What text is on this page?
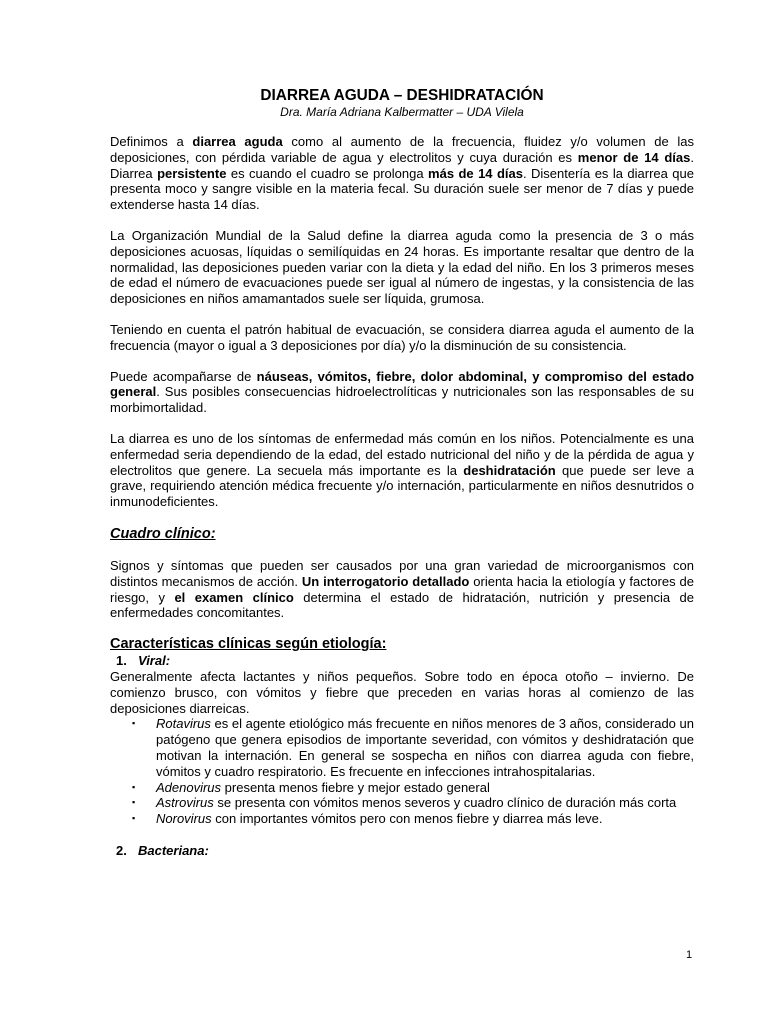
DIARREA AGUDA – DESHIDRATACIÓN
Dra. María Adriana Kalbermatter – UDA Vilela

Definimos a diarrea aguda como al aumento de la frecuencia, fluidez y/o volumen de las deposiciones, con pérdida variable de agua y electrolitos y cuya duración es menor de 14 días. Diarrea persistente es cuando el cuadro se prolonga más de 14 días. Disentería es la diarrea que presenta moco y sangre visible en la materia fecal. Su duración suele ser menor de 7 días y puede extenderse hasta 14 días.

La Organización Mundial de la Salud define la diarrea aguda como la presencia de 3 o más deposiciones acuosas, líquidas o semilíquidas en 24 horas. Es importante resaltar que dentro de la normalidad, las deposiciones pueden variar con la dieta y la edad del niño. En los 3 primeros meses de edad el número de evacuaciones puede ser igual al número de ingestas, y la consistencia de las deposiciones en niños amamantados suele ser líquida, grumosa.

Teniendo en cuenta el patrón habitual de evacuación, se considera diarrea aguda el aumento de la frecuencia (mayor o igual a 3 deposiciones por día) y/o la disminución de su consistencia.

Puede acompañarse de náuseas, vómitos, fiebre, dolor abdominal, y compromiso del estado general. Sus posibles consecuencias hidroelectrolíticas y nutricionales son las responsables de su morbimortalidad.

La diarrea es uno de los síntomas de enfermedad más común en los niños. Potencialmente es una enfermedad seria dependiendo de la edad, del estado nutricional del niño y de la pérdida de agua y electrolitos que genere. La secuela más importante es la deshidratación que puede ser leve a grave, requiriendo atención médica frecuente y/o internación, particularmente en niños desnutridos o inmunodeficientes.

Cuadro clínico:

Signos y síntomas que pueden ser causados por una gran variedad de microorganismos con distintos mecanismos de acción. Un interrogatorio detallado orienta hacia la etiología y factores de riesgo, y el examen clínico determina el estado de hidratación, nutrición y presencia de enfermedades concomitantes.

Características clínicas según etiología:
1. Viral:

Generalmente afecta lactantes y niños pequeños. Sobre todo en época otoño – invierno. De comienzo brusco, con vómitos y fiebre que preceden en varias horas al comienzo de las deposiciones diarreicas.

▪ Rotavirus es el agente etiológico más frecuente en niños menores de 3 años, considerado un patógeno que genera episodios de importante severidad, con vómitos y deshidratación que motivan la internación. En general se sospecha en niños con diarrea aguda con fiebre, vómitos y cuadro respiratorio. Es frecuente en infecciones intrahospitalarias.
▪ Adenovirus presenta menos fiebre y mejor estado general
▪ Astrovirus se presenta con vómitos menos severos y cuadro clínico de duración más corta
▪ Norovirus con importantes vómitos pero con menos fiebre y diarrea más leve.
2. Bacteriana:
1
